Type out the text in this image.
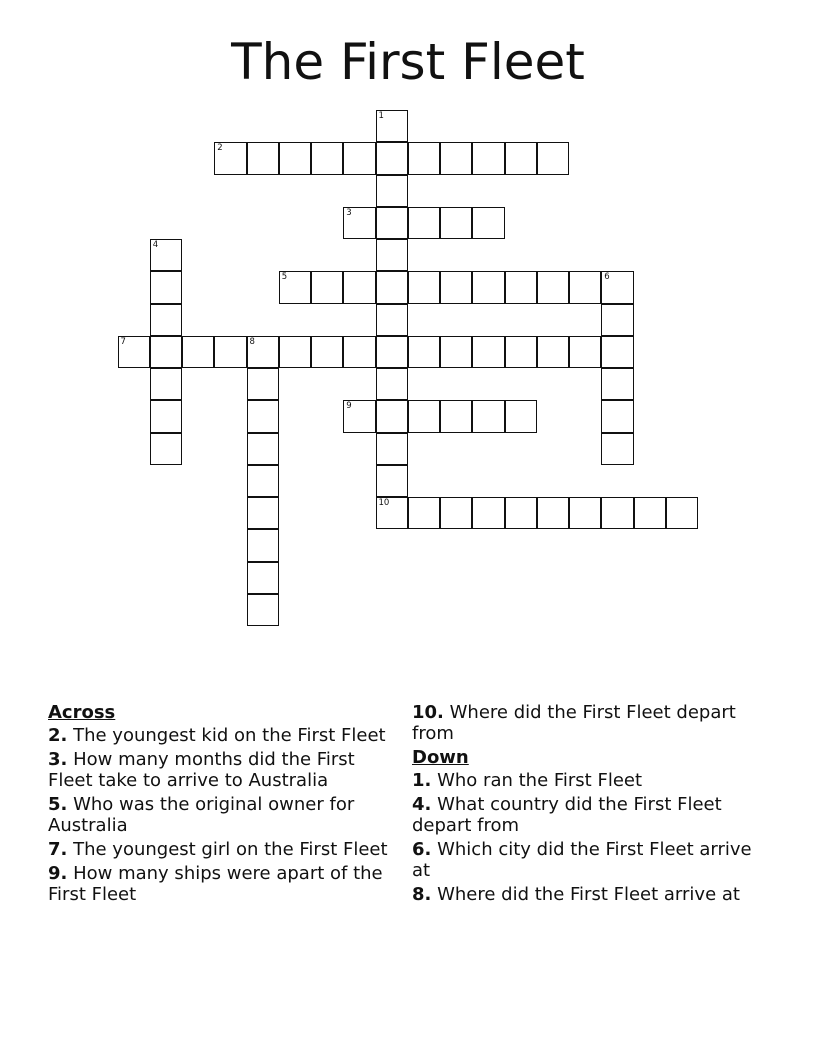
The First Fleet
1
2
3
4
5	6
7	8
9
10
Across
2. The youngest kid on the First Fleet
3. How many months did the First Fleet take to arrive to Australia
5. Who was the original owner for Australia
7. The youngest girl on the First Fleet
9. How many ships were apart of the First Fleet
10. Where did the First Fleet depart from
Down
1. Who ran the First Fleet
4. What country did the First Fleet depart from
6. Which city did the First Fleet arrive at
8. Where did the First Fleet arrive at
